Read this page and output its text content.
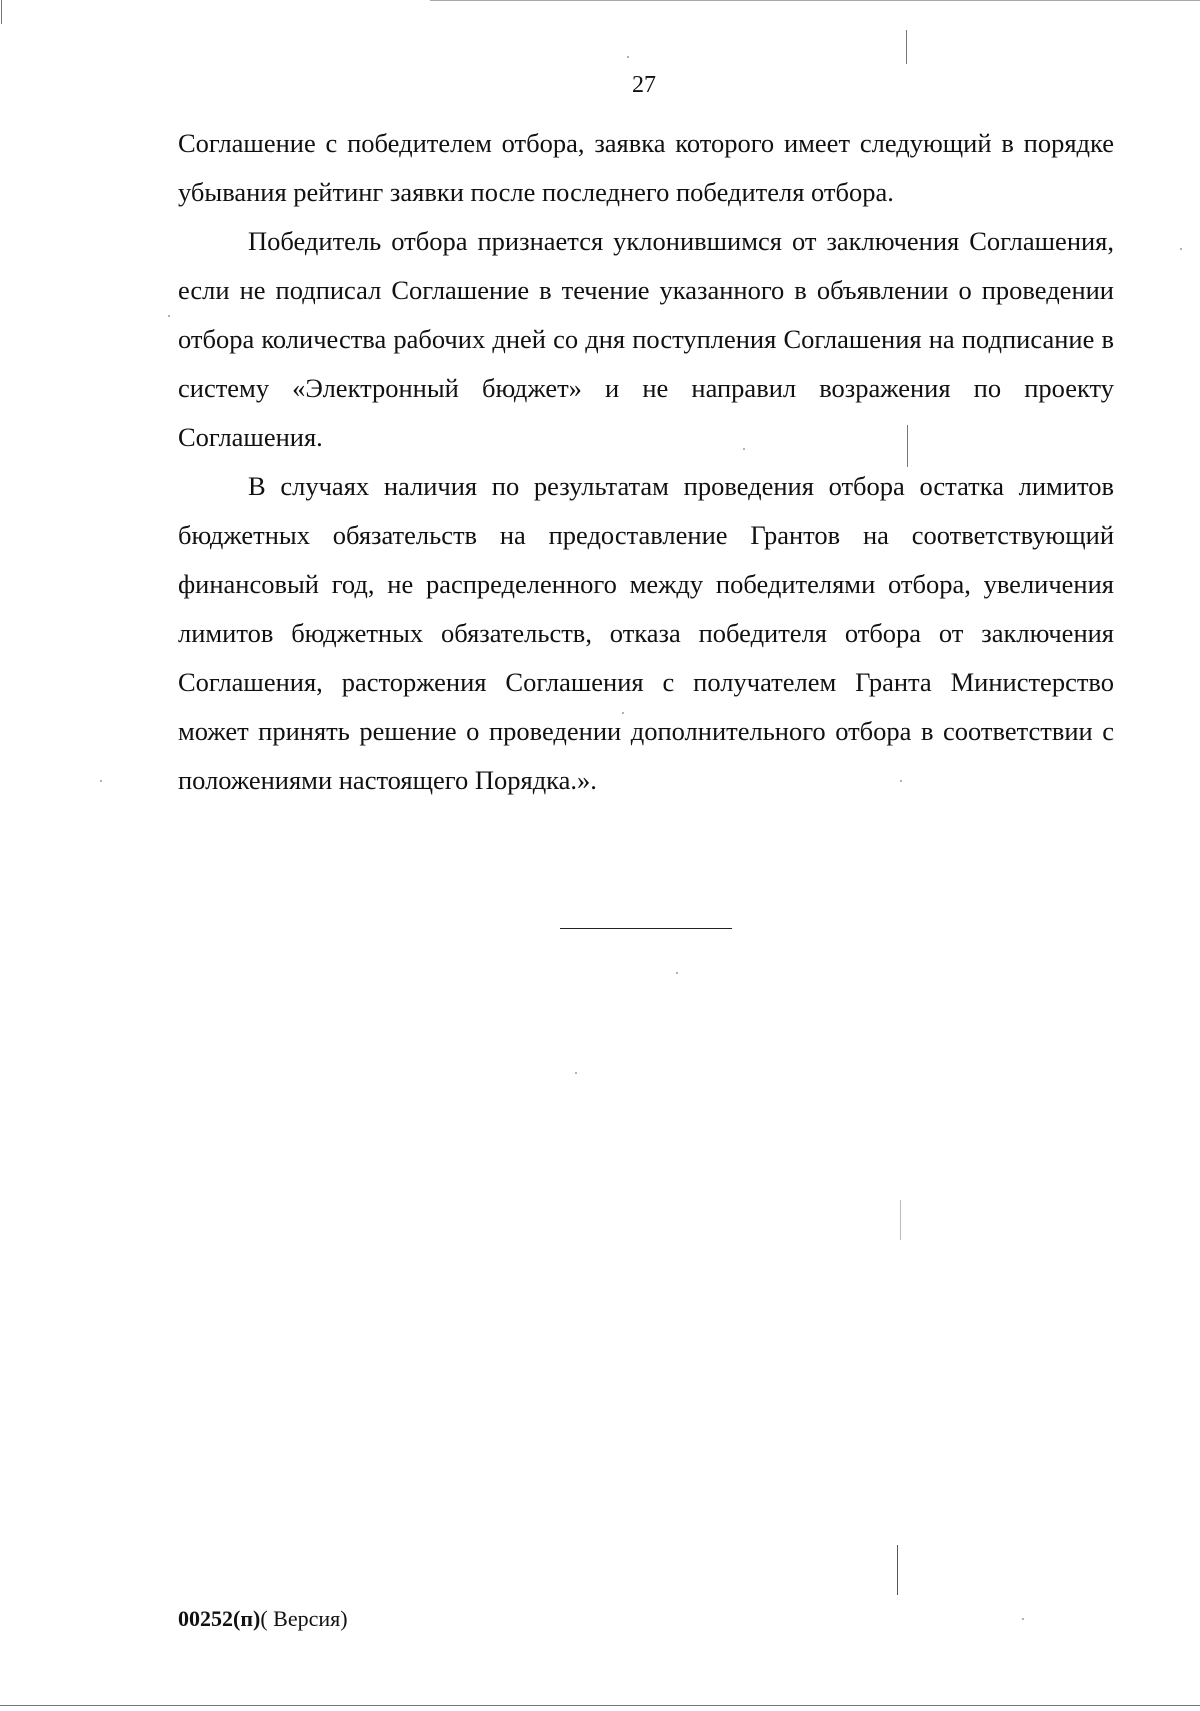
27

Соглашение с победителем отбора, заявка которого имеет следующий в порядке убывания рейтинг заявки после последнего победителя отбора.

Победитель отбора признается уклонившимся от заключения Соглашения, если не подписал Соглашение в течение указанного в объявлении о проведении отбора количества рабочих дней со дня поступления Соглашения на подписание в систему «Электронный бюджет» и не направил возражения по проекту Соглашения.

В случаях наличия по результатам проведения отбора остатка лимитов бюджетных обязательств на предоставление Грантов на соответствующий финансовый год, не распределенного между победителями отбора, увеличения лимитов бюджетных обязательств, отказа победителя отбора от заключения Соглашения, расторжения Соглашения с получателем Гранта Министерство может принять решение о проведении дополнительного отбора в соответствии с положениями настоящего Порядка.».

00252(п)( Версия)
